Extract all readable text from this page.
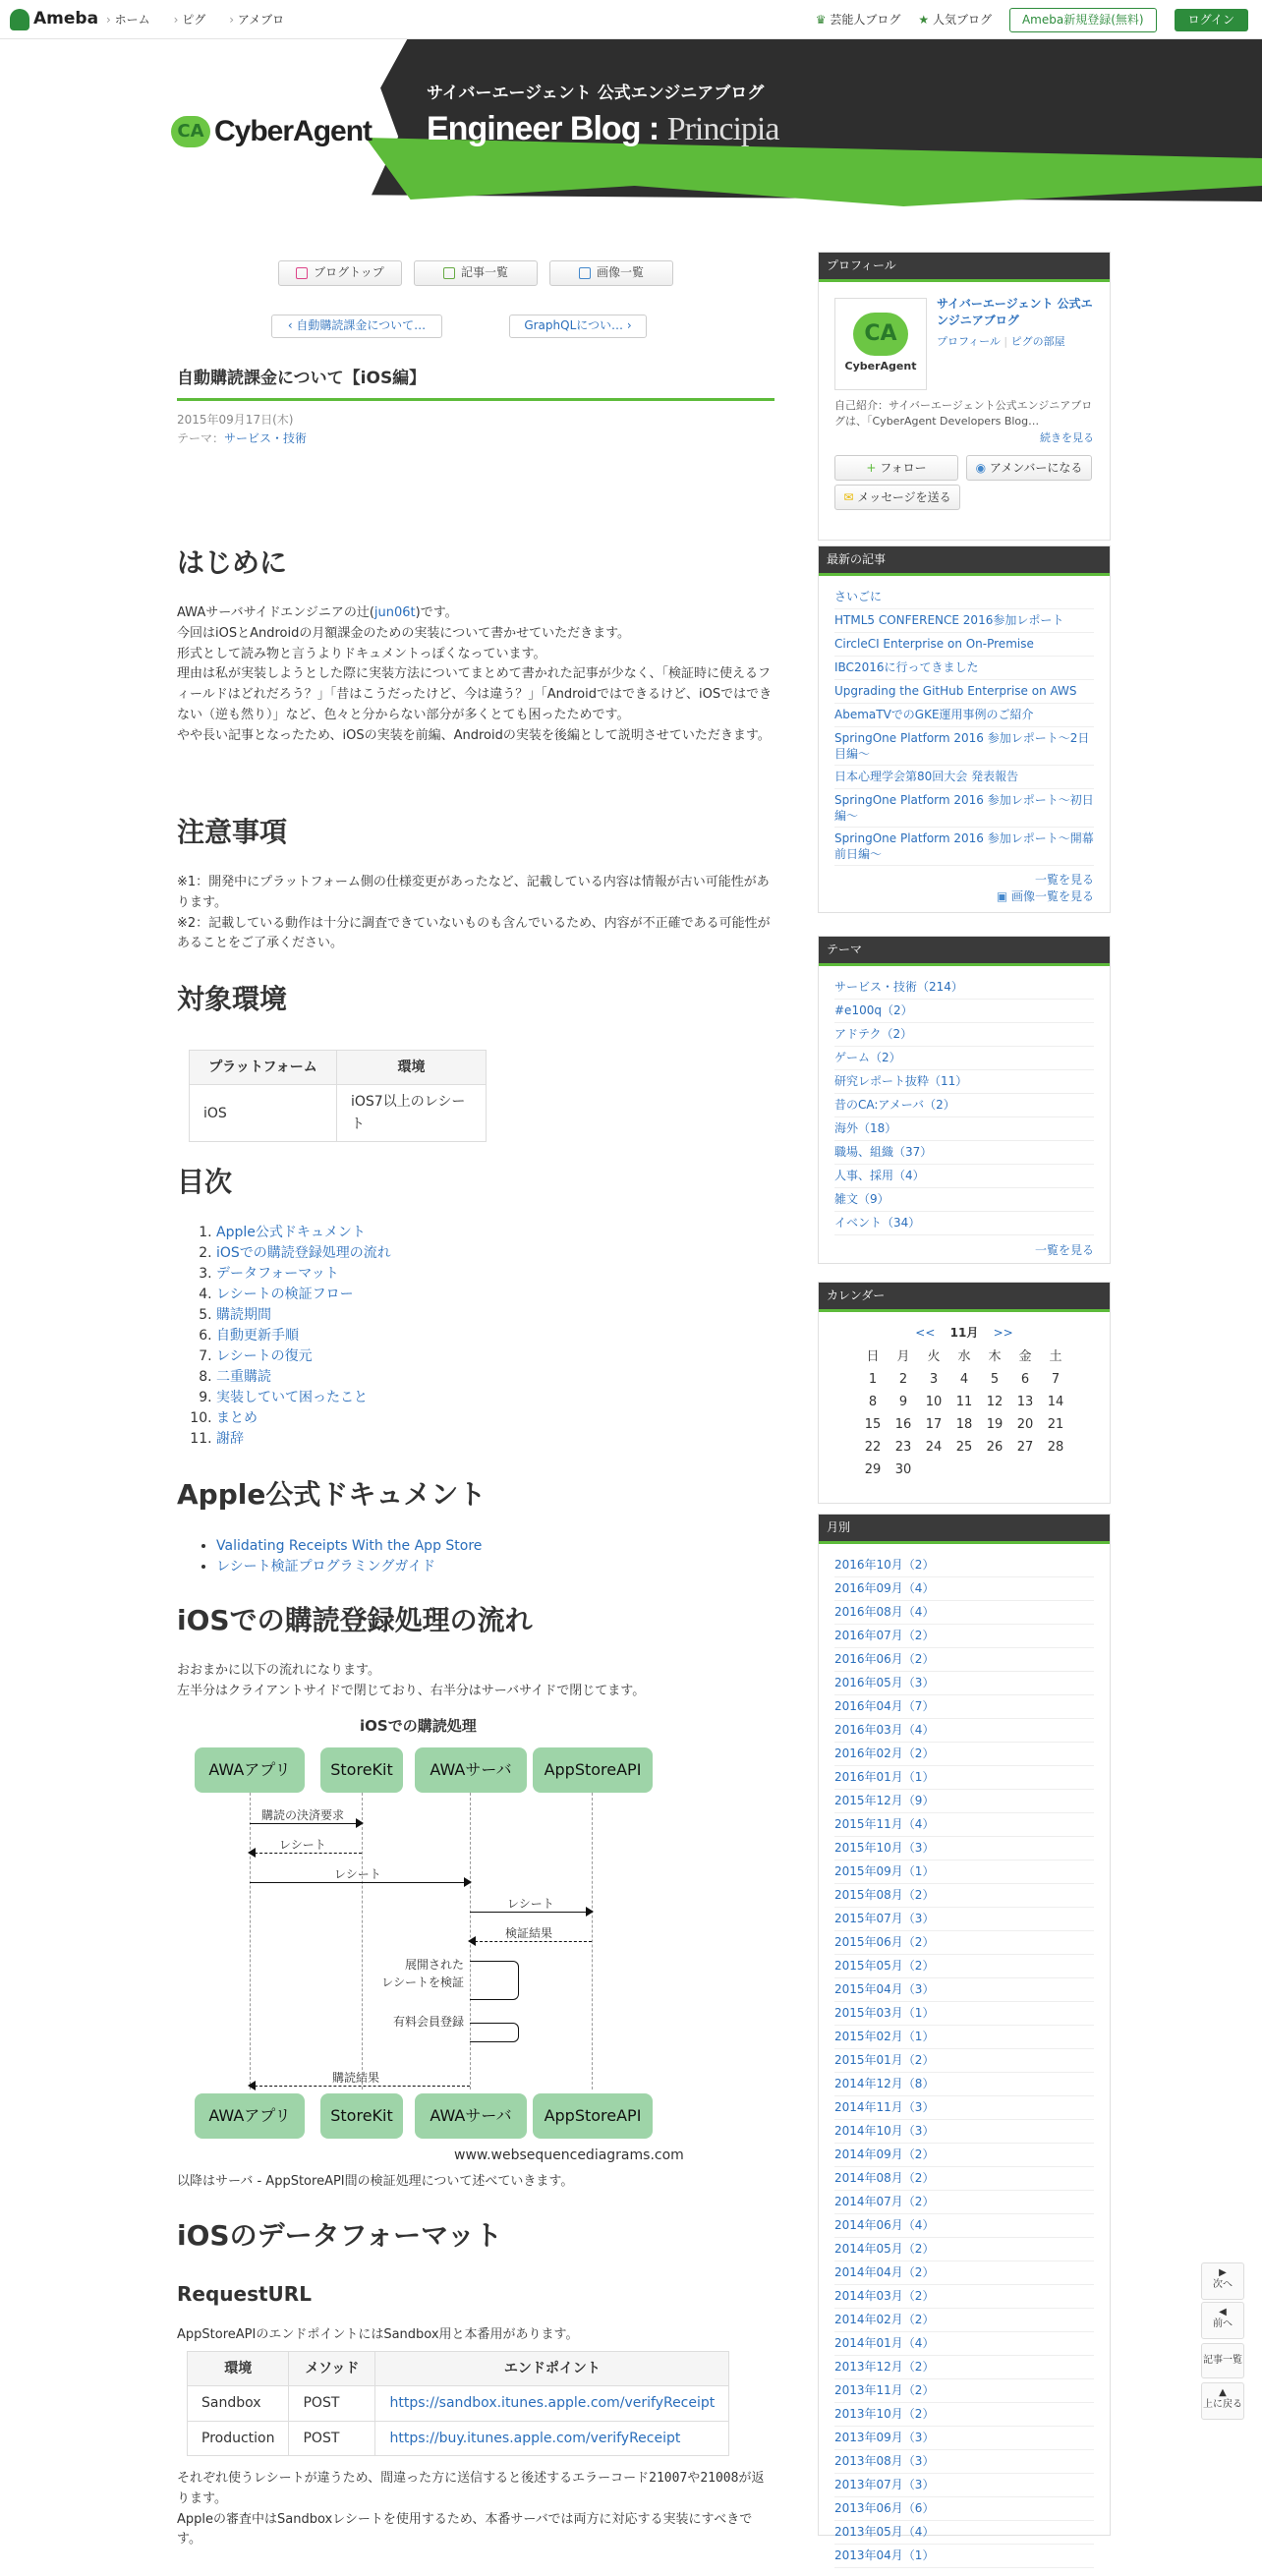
Ameba	› ホーム	› ピグ	› アメブロ	♛ 芸能人ブログ ★ 人気ブログ	Ameba新規登録(無料)	ログイン
CA CyberAgent
サイバーエージェント 公式エンジニアブログ
Engineer Blog : Principia
ブログトップ	記事一覧	画像一覧
‹ 自動購読課金について…	GraphQLについ… ›
自動購読課金について【iOS編】
2015年09月17日(木)
テーマ：サービス・技術
はじめに
AWAサーバサイドエンジニアの辻(jun06t)です。
今回はiOSとAndroidの月額課金のための実装について書かせていただきます。
形式として読み物と言うよりドキュメントっぽくなっています。
理由は私が実装しようとした際に実装方法についてまとめて書かれた記事が少なく、「検証時に使えるフィールドはどれだろう？」「昔はこうだったけど、今は違う？」「Androidではできるけど、iOSではできない（逆も然り）」など、色々と分からない部分が多くとても困ったためです。
やや長い記事となったため、iOSの実装を前編、Androidの実装を後編として説明させていただきます。
注意事項
※1：開発中にプラットフォーム側の仕様変更があったなど、記載している内容は情報が古い可能性があります。
※2：記載している動作は十分に調査できていないものも含んでいるため、内容が不正確である可能性があることをご了承ください。
対象環境
プラットフォーム	環境
iOS	iOS7以上のレシート
目次
1. Apple公式ドキュメント
2. iOSでの購読登録処理の流れ
3. データフォーマット
4. レシートの検証フロー
5. 購読期間
6. 自動更新手順
7. レシートの復元
8. 二重購読
9. 実装していて困ったこと
10. まとめ
11. 謝辞
Apple公式ドキュメント
• Validating Receipts With the App Store
• レシート検証プログラミングガイド
iOSでの購読登録処理の流れ
おおまかに以下の流れになります。
左半分はクライアントサイドで閉じており、右半分はサーバサイドで閉じてます。
iOSでの購読処理
AWAアプリ	StoreKit	AWAサーバ	AppStoreAPI
購読の決済要求
レシート
レシート
レシート
検証結果
展開された
レシートを検証
有料会員登録
購読結果
AWAアプリ	StoreKit	AWAサーバ	AppStoreAPI
www.websequencediagrams.com
以降はサーバ - AppStoreAPI間の検証処理について述べていきます。
iOSのデータフォーマット
RequestURL
AppStoreAPIのエンドポイントにはSandbox用と本番用があります。
環境	メソッド	エンドポイント
Sandbox	POST	https://sandbox.itunes.apple.com/verifyReceipt
Production	POST	https://buy.itunes.apple.com/verifyReceipt
それぞれ使うレシートが違うため、間違った方に送信すると後述するエラーコード21007や21008が返ります。
Appleの審査中はSandboxレシートを使用するため、本番サーバでは両方に対応する実装にすべきです。
プロフィール
CA
CyberAgent
サイバーエージェント 公式エンジニアブログ
プロフィール | ピグの部屋
自己紹介：サイバーエージェント公式エンジニアブログは、「CyberAgent Developers Blog…
続きを見る
+ フォロー	◉ アメンバーになる
✉ メッセージを送る
最新の記事
さいごに
HTML5 CONFERENCE 2016参加レポート
CircleCI Enterprise on On-Premise
IBC2016に行ってきました
Upgrading the GitHub Enterprise on AWS
AbemaTVでのGKE運用事例のご紹介
SpringOne Platform 2016 参加レポート〜2日目編〜
日本心理学会第80回大会 発表報告
SpringOne Platform 2016 参加レポート〜初日編〜
SpringOne Platform 2016 参加レポート〜開幕前日編〜
一覧を見る
▣ 画像一覧を見る
テーマ
サービス・技術（214）
#e100q（2）
アドテク（2）
ゲーム（2）
研究レポート抜粋（11）
昔のCA:アメーバ（2）
海外（18）
職場、組織（37）
人事、採用（4）
雑文（9）
イベント（34）
一覧を見る
カレンダー
<< 11月 >>
日	月	火	水	木	金	土
1	2	3	4	5	6	7
8	9	10	11	12	13	14
15	16	17	18	19	20	21
22	23	24	25	26	27	28
29	30					
月別
2016年10月（2）
2016年09月（4）
2016年08月（4）
2016年07月（2）
2016年06月（2）
2016年05月（3）
2016年04月（7）
2016年03月（4）
2016年02月（2）
2016年01月（1）
2015年12月（9）
2015年11月（4）
2015年10月（3）
2015年09月（1）
2015年08月（2）
2015年07月（3）
2015年06月（2）
2015年05月（2）
2015年04月（3）
2015年03月（1）
2015年02月（1）
2015年01月（2）
2014年12月（8）
2014年11月（3）
2014年10月（3）
2014年09月（2）
2014年08月（2）
2014年07月（2）
2014年06月（4）
2014年05月（2）
2014年04月（2）
2014年03月（2）
2014年02月（2）
2014年01月（4）
2013年12月（2）
2013年11月（2）
2013年10月（2）
2013年09月（3）
2013年08月（3）
2013年07月（3）
2013年06月（6）
2013年05月（4）
2013年04月（1）
▶
次へ
◀
前へ
記事一覧
▲
上に戻る
